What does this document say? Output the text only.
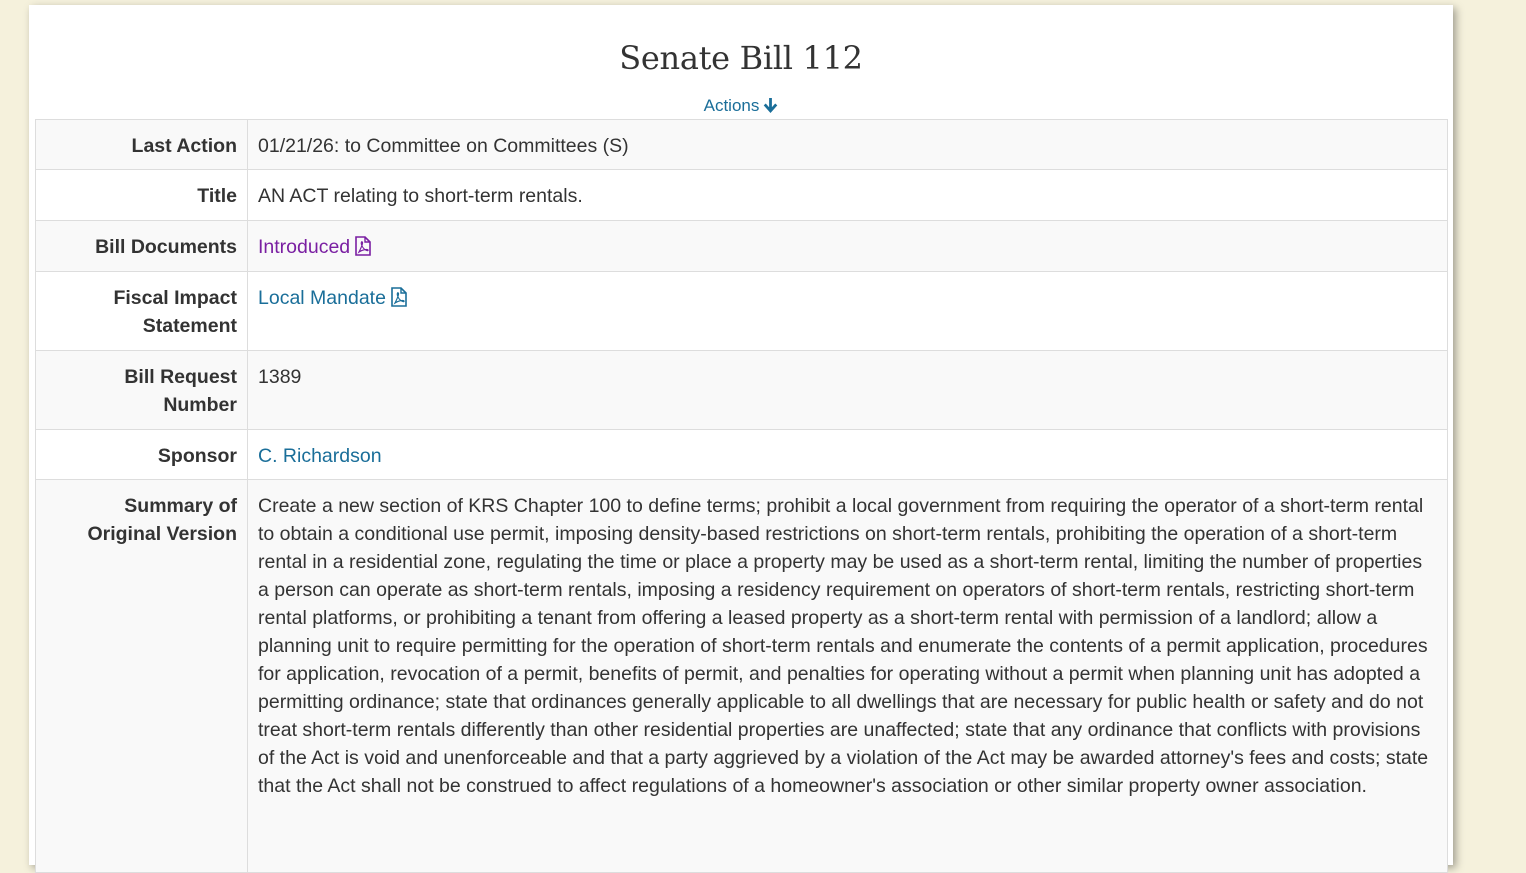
Senate Bill 112
Actions
Last Action	01/21/26: to Committee on Committees (S)
Title	AN ACT relating to short-term rentals.
Bill Documents	Introduced
Fiscal Impact Statement	Local Mandate
Bill Request Number	1389
Sponsor	C. Richardson
Summary of Original Version	Create a new section of KRS Chapter 100 to define terms; prohibit a local government from requiring the operator of a short-term rental to obtain a conditional use permit, imposing density-based restrictions on short-term rentals, prohibiting the operation of a short-term rental in a residential zone, regulating the time or place a property may be used as a short-term rental, limiting the number of properties a person can operate as short-term rentals, imposing a residency requirement on operators of short-term rentals, restricting short-term rental platforms, or prohibiting a tenant from offering a leased property as a short-term rental with permission of a landlord; allow a planning unit to require permitting for the operation of short-term rentals and enumerate the contents of a permit application, procedures for application, revocation of a permit, benefits of permit, and penalties for operating without a permit when planning unit has adopted a permitting ordinance; state that ordinances generally applicable to all dwellings that are necessary for public health or safety and do not treat short-term rentals differently than other residential properties are unaffected; state that any ordinance that conflicts with provisions of the Act is void and unenforceable and that a party aggrieved by a violation of the Act may be awarded attorney's fees and costs; state that the Act shall not be construed to affect regulations of a homeowner's association or other similar property owner association.
